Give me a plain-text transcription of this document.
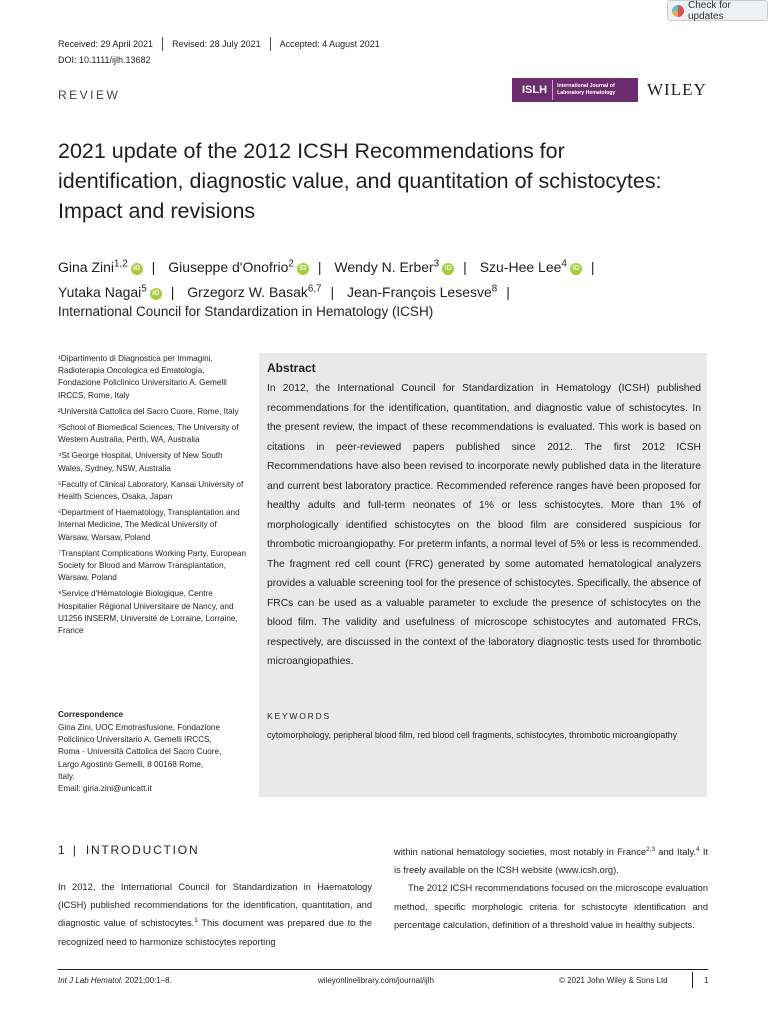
Check for updates
Received: 29 April 2021 Revised: 28 July 2021 Accepted: 4 August 2021
DOI: 10.1111/ijlh.13682
REVIEW	ISLH	International Journal of
Laboratory Hematology WILEY
2021 update of the 2012 ICSH Recommendations for identification, diagnostic value, and quantitation of schistocytes: Impact and revisions
Gina Zini$^{1,2}$ iD | Giuseppe d'Onofrio$^2$ iD | Wendy N. Erber$^3$ iD | Szu-Hee Lee$^4$ iD |
Yutaka Nagai$^5$ iD | Grzegorz W. Basak$^{6,7}$ | Jean-François Lesesve$^8$ |
International Council for Standardization in Hematology (ICSH)

¹Dipartimento di Diagnostica per Immagini, Radioterapia Oncologica ed Ematologia, Fondazione Policlinico Universitario A. Gemelli IRCCS, Rome, Italy

²Università Cattolica del Sacro Cuore, Rome, Italy

³School of Biomedical Sciences, The University of Western Australia, Perth, WA, Australia

⁴St George Hospital, University of New South Wales, Sydney, NSW, Australia

⁵Faculty of Clinical Laboratory, Kansai University of Health Sciences, Osaka, Japan

⁶Department of Haematology, Transplantation and Internal Medicine, The Medical University of Warsaw, Warsaw, Poland

⁷Transplant Complications Working Party, European Society for Blood and Marrow Transplantation, Warsaw, Poland

⁸Service d'Hématologie Biologique, Centre Hospitalier Régional Universitaire de Nancy, and U1256 INSERM, Université de Lorraine, Lorraine, France

Correspondence
Gina Zini, UOC Emotrasfusione, Fondazione
Policlinico Universitario A. Gemelli IRCCS,
Roma - Università Cattolica del Sacro Cuore,
Largo Agostino Gemelli, 8 00168 Rome,
Italy.
Email: gina.zini@unicatt.it
Abstract
In 2012, the International Council for Standardization in Hematology (ICSH) published recommendations for the identification, quantitation, and diagnostic value of schistocytes. In the present review, the impact of these recommendations is evaluated. This work is based on citations in peer-reviewed papers published since 2012. The first 2012 ICSH Recommendations have also been revised to incorporate newly published data in the literature and current best laboratory practice. Recommended reference ranges have been proposed for healthy adults and full-term neonates of 1% or less schistocytes. More than 1% of morphologically identified schistocytes on the blood film are considered suspicious for thrombotic microangiopathy. For preterm infants, a normal level of 5% or less is recommended. The fragment red cell count (FRC) generated by some automated hematological analyzers provides a valuable screening tool for the presence of schistocytes. Specifically, the absence of FRCs can be used as a valuable parameter to exclude the presence of schistocytes on the blood film. The validity and usefulness of microscope schistocytes and automated FRCs, respectively, are discussed in the context of the laboratory diagnostic tests used for thrombotic microangiopathies.
KEYWORDS
cytomorphology, peripheral blood film, red blood cell fragments, schistocytes, thrombotic microangiopathy
1 | INTRODUCTION

In 2012, the International Council for Standardization in Haematology (ICSH) published recommendations for the identification, quantitation, and diagnostic value of schistocytes.$^1$ This document was prepared due to the recognized need to harmonize schistocytes reporting

within national hematology societies, most notably in France$^{2,3}$ and Italy.$^4$ It is freely available on the ICSH website (www.icsh.org).

The 2012 ICSH recommendations focused on the microscope evaluation method, specific morphologic criteria for schistocyte identification and percentage calculation, definition of a threshold value in healthy subjects.

Int J Lab Hematol. 2021;00:1–8.	wileyonlinelibrary.com/journal/ijlh	© 2021 John Wiley & Sons Ltd	1
